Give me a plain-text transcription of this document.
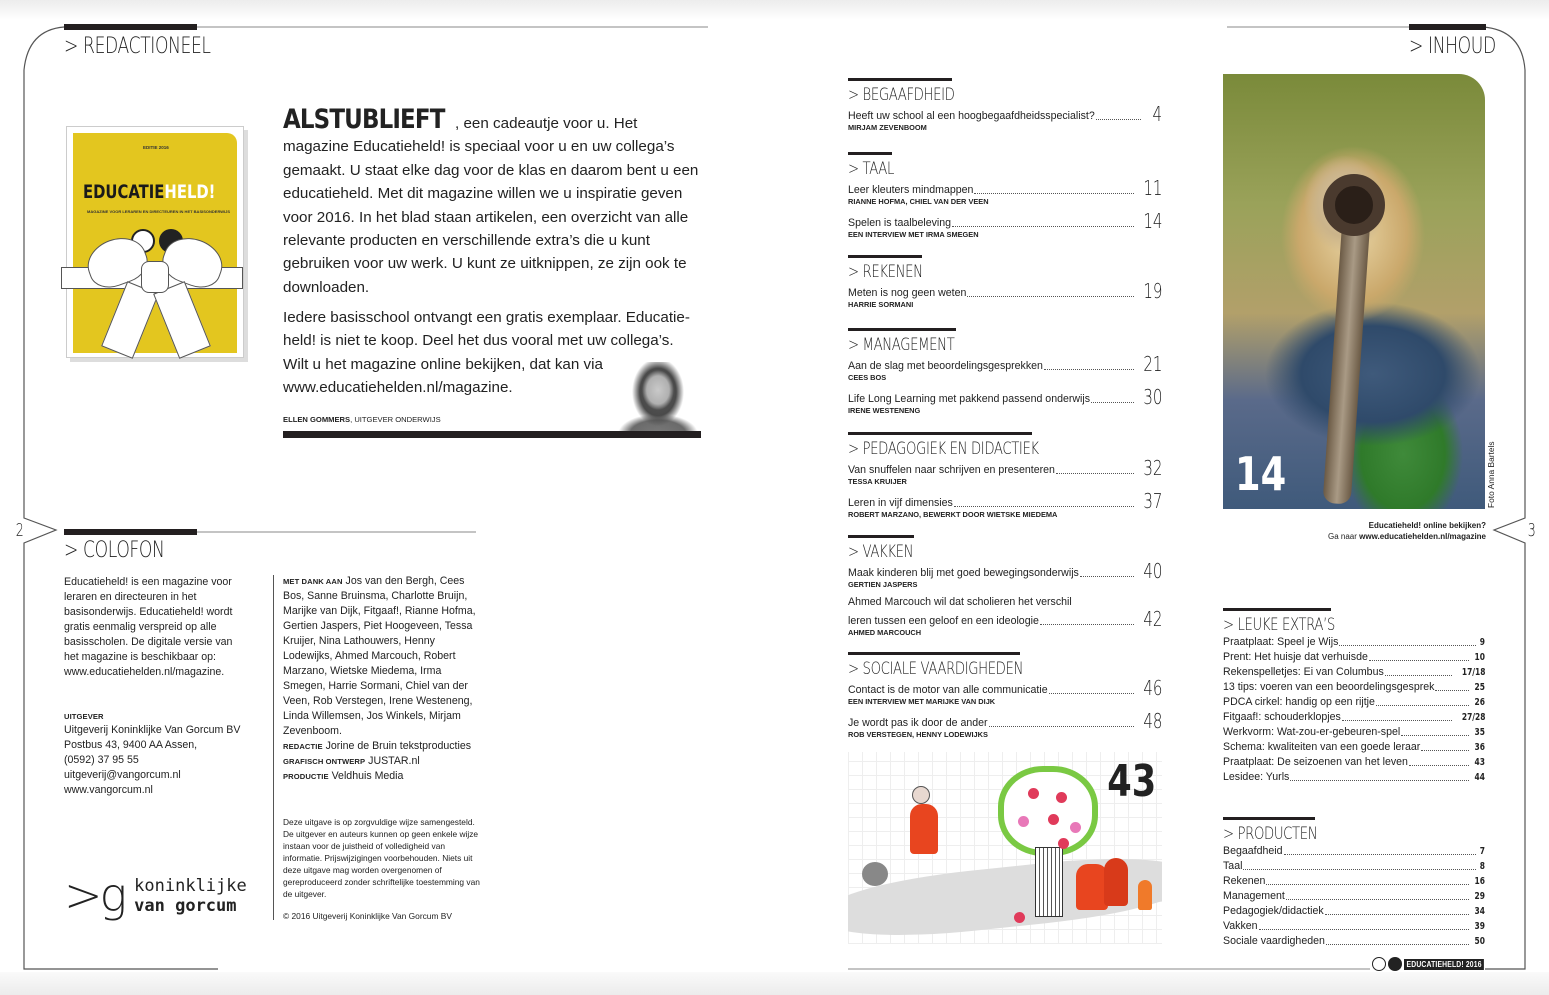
> REDACTIONEEL
EDITIE 2016
EDUCATIEHELD!
MAGAZINE VOOR LERAREN EN DIRECTEUREN IN HET BASISONDERWIJS
ALSTUBLIEFT , een cadeautje voor u. Het magazine Educatieheld! is speciaal voor u en uw collega’s gemaakt. U staat elke dag voor de klas en daarom bent u een educatieheld. Met dit magazine willen we u inspiratie geven voor 2016. In het blad staan artikelen, een overzicht van alle relevante producten en verschillende extra’s die u kunt gebruiken voor uw werk. U kunt ze uitknippen, ze zijn ook te downloaden.
Iedere basisschool ontvangt een gratis exemplaar. Educatie-held! is niet te koop. Deel het dus vooral met uw collega’s. Wilt u het magazine online bekijken, dat kan via www.educatiehelden.nl/magazine.
ELLEN GOMMERS, UITGEVER ONDERWIJS
2
> COLOFON
Educatieheld! is een magazine voor leraren en directeuren in het basisonderwijs. Educatieheld! wordt gratis eenmalig verspreid op alle basisscholen. De digitale versie van het magazine is beschikbaar op: www.educatiehelden.nl/magazine.
UITGEVER
Uitgeverij Koninklijke Van Gorcum BV
Postbus 43, 9400 AA Assen,
(0592) 37 95 55
uitgeverij@vangorcum.nl
www.vangorcum.nl
MET DANK AAN Jos van den Bergh, Cees Bos, Sanne Bruinsma, Charlotte Bruijn, Marijke van Dijk, Fitgaaf!, Rianne Hofma, Gertien Jaspers, Piet Hoogeveen, Tessa Kruijer, Nina Lathouwers, Henny Lodewijks, Ahmed Marcouch, Robert Marzano, Wietske Miedema, Irma Smegen, Harrie Sormani, Chiel van der Veen, Rob Verstegen, Irene Westeneng, Linda Willemsen, Jos Winkels, Mirjam Zevenboom.
REDACTIE Jorine de Bruin tekstproducties
GRAFISCH ONTWERP JUSTAR.nl
PRODUCTIE Veldhuis Media
Deze uitgave is op zorgvuldige wijze samengesteld. De uitgever en auteurs kunnen op geen enkele wijze instaan voor de juistheid of volledigheid van informatie. Prijswijzigingen voorbehouden. Niets uit deze uitgave mag worden overgenomen of gereproduceerd zonder schriftelijke toestemming van de uitgever.
© 2016 Uitgeverij Koninklijke Van Gorcum BV
>g koninklijke
van gorcum
> INHOUD
> BEGAAFDHEID
Heeft uw school al een hoogbegaafdheidsspecialist?	4
MIRJAM ZEVENBOOM
> TAAL
Leer kleuters mindmappen	11
RIANNE HOFMA, CHIEL VAN DER VEEN
Spelen is taalbeleving	14
EEN INTERVIEW MET IRMA SMEGEN
> REKENEN
Meten is nog geen weten	19
HARRIE SORMANI
> MANAGEMENT
Aan de slag met beoordelingsgesprekken	21
CEES BOS
Life Long Learning met pakkend passend onderwijs	30
IRENE WESTENENG
> PEDAGOGIEK EN DIDACTIEK
Van snuffelen naar schrijven en presenteren	32
TESSA KRUIJER
Leren in vijf dimensies	37
ROBERT MARZANO, BEWERKT DOOR WIETSKE MIEDEMA
> VAKKEN
Maak kinderen blij met goed bewegingsonderwijs	40
GERTIEN JASPERS
Ahmed Marcouch wil dat scholieren het verschil
leren tussen een geloof en een ideologie	42
AHMED MARCOUCH
> SOCIALE VAARDIGHEDEN
Contact is de motor van alle communicatie	46
EEN INTERVIEW MET MARIJKE VAN DIJK
Je wordt pas ik door de ander	48
ROB VERSTEGEN, HENNY LODEWIJKS
43
14	Foto Anna Bartels
Educatieheld! online bekijken?
Ga naar www.educatiehelden.nl/magazine 3
> LEUKE EXTRA’S
Praatplaat: Speel je Wijs	9
Prent: Het huisje dat verhuisde	10
Rekenspelletjes: Ei van Columbus	17/18
13 tips: voeren van een beoordelingsgesprek	25
PDCA cirkel: handig op een rijtje	26
Fitgaaf!: schouderklopjes	27/28
Werkvorm: Wat-zou-er-gebeuren-spel	35
Schema: kwaliteiten van een goede leraar	36
Praatplaat: De seizoenen van het leven	43
Lesidee: Yurls	44
> PRODUCTEN
Begaafdheid	7
Taal	8
Rekenen	16
Management	29
Pedagogiek/didactiek	34
Vakken	39
Sociale vaardigheden	50
EDUCATIEHELD! 2016
